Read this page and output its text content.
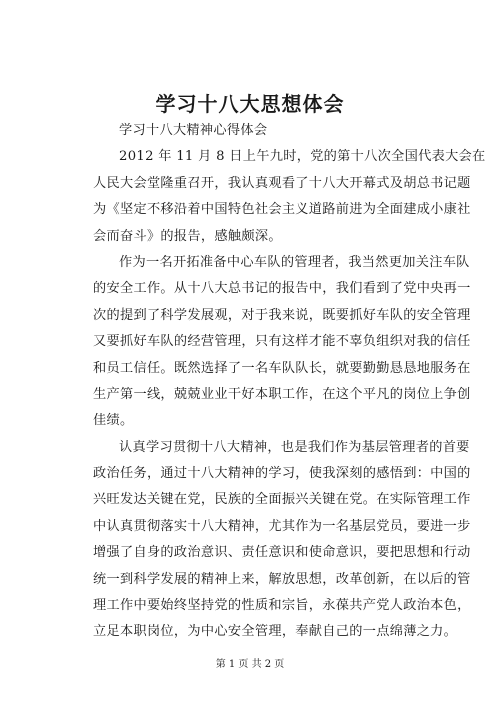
学习十八大思想体会
学习十八大精神心得体会
2012 年 11 月 8 日上午九时，党的第十八次全国代表大会在
人民大会堂隆重召开，我认真观看了十八大开幕式及胡总书记题
为《坚定不移沿着中国特色社会主义道路前进为全面建成小康社
会而奋斗》的报告，感触颇深。
作为一名开拓准备中心车队的管理者，我当然更加关注车队
的安全工作。从十八大总书记的报告中，我们看到了党中央再一
次的提到了科学发展观，对于我来说，既要抓好车队的安全管理
又要抓好车队的经营管理，只有这样才能不辜负组织对我的信任
和员工信任。既然选择了一名车队队长，就要勤勤恳恳地服务在
生产第一线，兢兢业业干好本职工作，在这个平凡的岗位上争创
佳绩。
认真学习贯彻十八大精神，也是我们作为基层管理者的首要
政治任务，通过十八大精神的学习，使我深刻的感悟到：中国的
兴旺发达关键在党，民族的全面振兴关键在党。在实际管理工作
中认真贯彻落实十八大精神，尤其作为一名基层党员，要进一步
增强了自身的政治意识、责任意识和使命意识，要把思想和行动
统一到科学发展的精神上来，解放思想，改革创新，在以后的管
理工作中要始终坚持党的性质和宗旨，永葆共产党人政治本色，
立足本职岗位，为中心安全管理，奉献自己的一点绵薄之力。
第 1 页 共 2 页
